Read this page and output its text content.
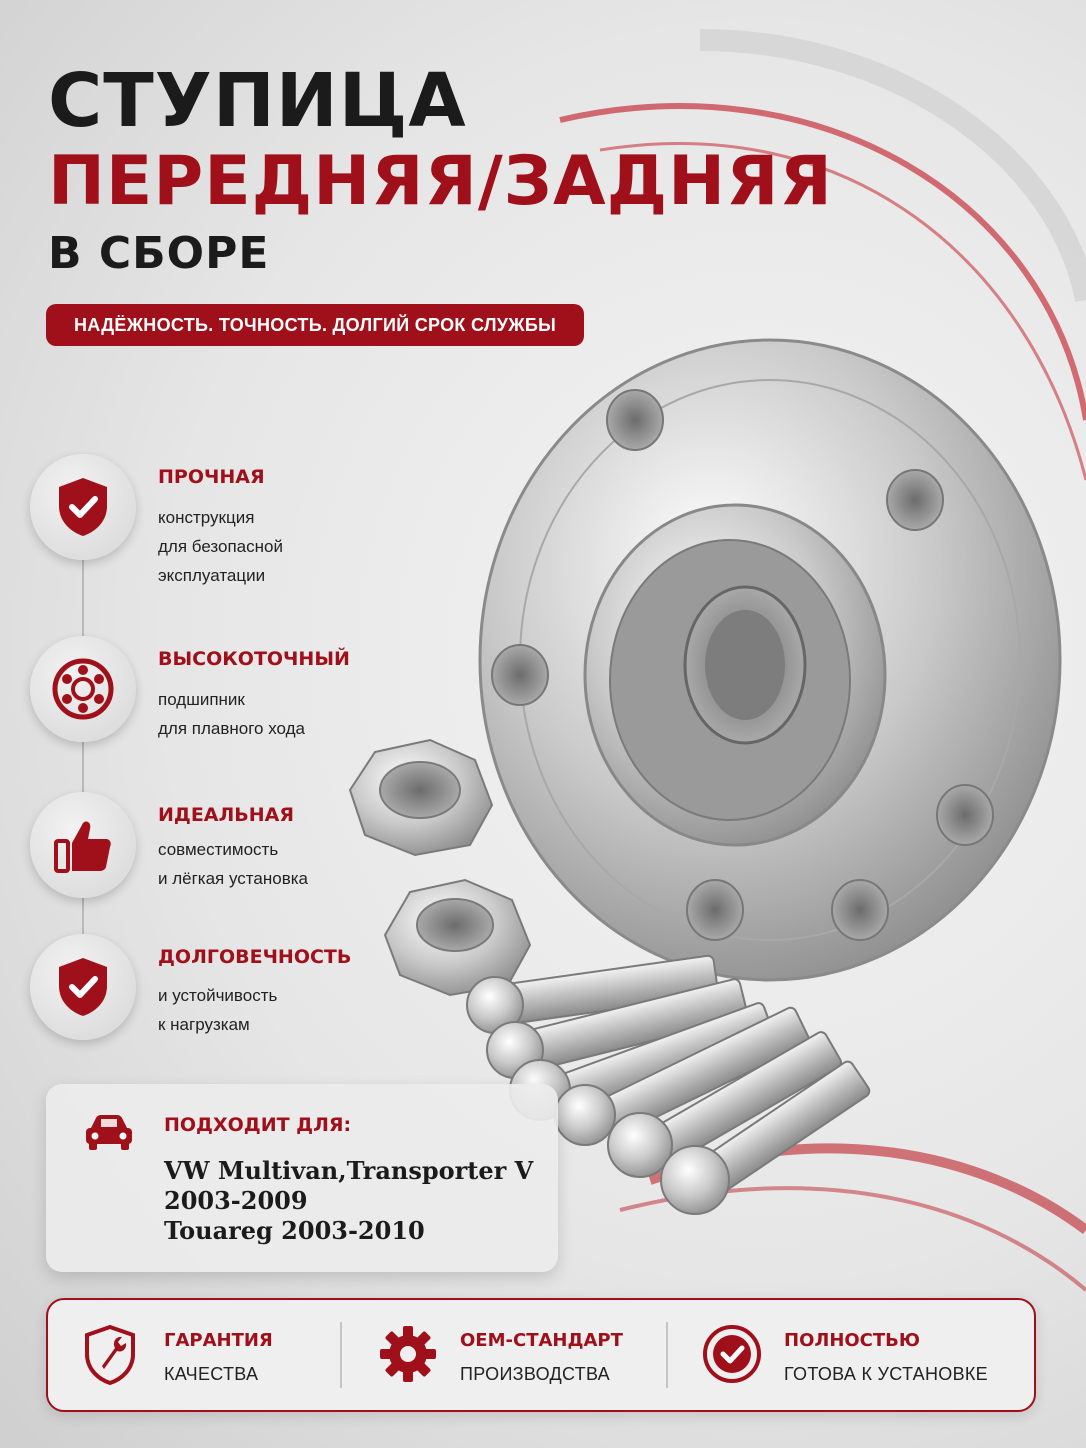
СТУПИЦА
ПЕРЕДНЯЯ/ЗАДНЯЯ
В СБОРЕ
НАДЁЖНОСТЬ. ТОЧНОСТЬ. ДОЛГИЙ СРОК СЛУЖБЫ
ПРОЧНАЯ
конструкция
для безопасной
эксплуатации
ВЫСОКОТОЧНЫЙ
подшипник
для плавного хода
ИДЕАЛЬНАЯ
совместимость
и лёгкая установка
ДОЛГОВЕЧНОСТЬ
и устойчивость
к нагрузкам
ПОДХОДИТ ДЛЯ:
VW Multivan,Transporter V
2003-2009
Touareg 2003-2010
ГАРАНТИЯ
КАЧЕСТВА
ОЕМ-СТАНДАРТ
ПРОИЗВОДСТВА
ПОЛНОСТЬЮ
ГОТОВА К УСТАНОВКЕ
